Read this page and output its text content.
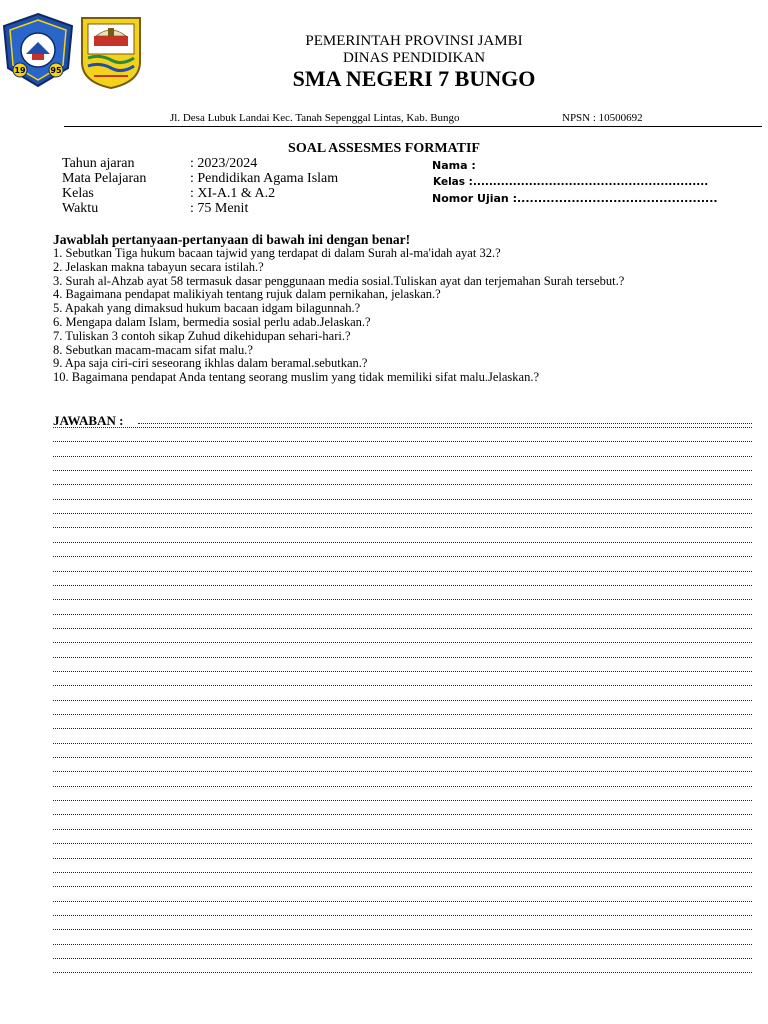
19	95
PEMERINTAH PROVINSI JAMBI
DINAS PENDIDIKAN
SMA NEGERI 7 BUNGO
Jl. Desa Lubuk Landai Kec. Tanah Sepenggal Lintas, Kab. Bungo	NPSN : 10500692
SOAL ASSESMES FORMATIF
Tahun ajaran	: 2023/2024
Mata Pelajaran	: Pendidikan Agama Islam
Kelas	: XI-A.1 & A.2
Waktu	: 75 Menit
Nama :
Kelas :...........................................................
Nomor Ujian :................................................
Jawablah pertanyaan-pertanyaan di bawah ini dengan benar!
1. Sebutkan Tiga hukum bacaan tajwid yang terdapat di dalam Surah al-ma'idah ayat 32.?
2. Jelaskan makna tabayun secara istilah.?
3. Surah al-Ahzab ayat 58 termasuk dasar penggunaan media sosial.Tuliskan ayat dan terjemahan Surah tersebut.?
4. Bagaimana pendapat malikiyah tentang rujuk dalam pernikahan, jelaskan.?
5. Apakah yang dimaksud hukum bacaan idgam bilagunnah.?
6. Mengapa dalam Islam, bermedia sosial perlu adab.Jelaskan.?
7. Tuliskan 3 contoh sikap Zuhud dikehidupan sehari-hari.?
8. Sebutkan macam-macam sifat malu.?
9. Apa saja ciri-ciri seseorang ikhlas dalam beramal.sebutkan.?
10. Bagaimana pendapat Anda tentang seorang muslim yang tidak memiliki sifat malu.Jelaskan.?
JAWABAN :
